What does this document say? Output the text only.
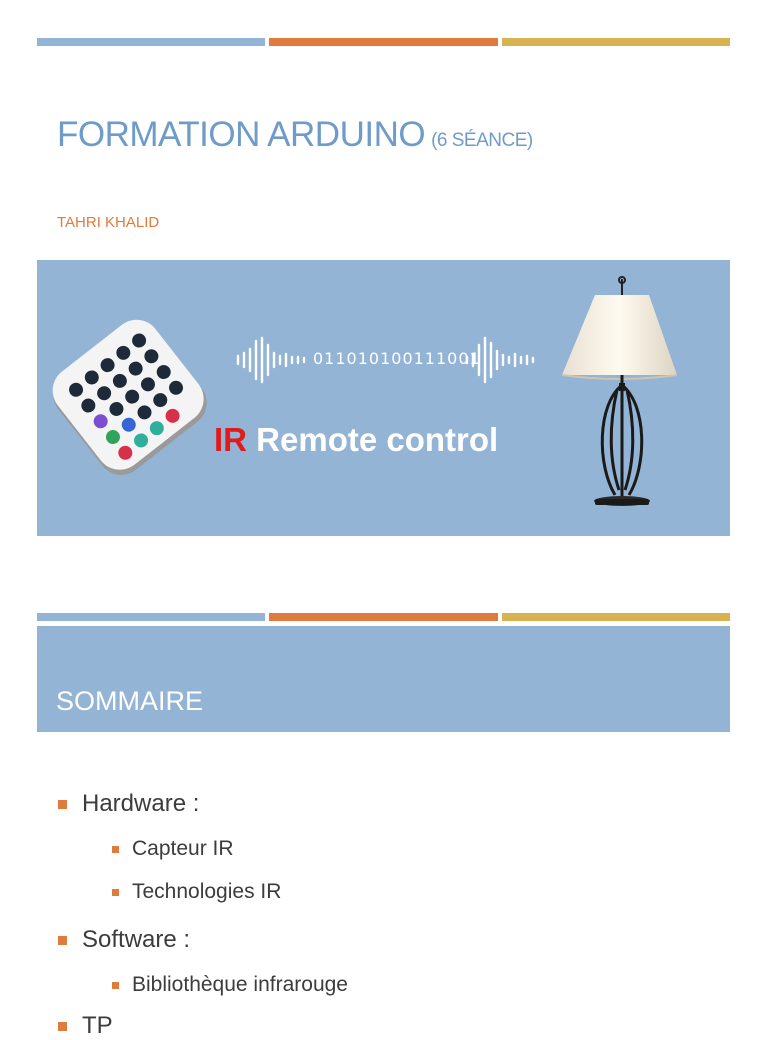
FORMATION ARDUINO (6 SÉANCE)
TAHRI KHALID
011010100111001
IR Remote control
SOMMAIRE
Hardware :
Capteur IR
Technologies IR
Software :
Bibliothèque infrarouge
TP
